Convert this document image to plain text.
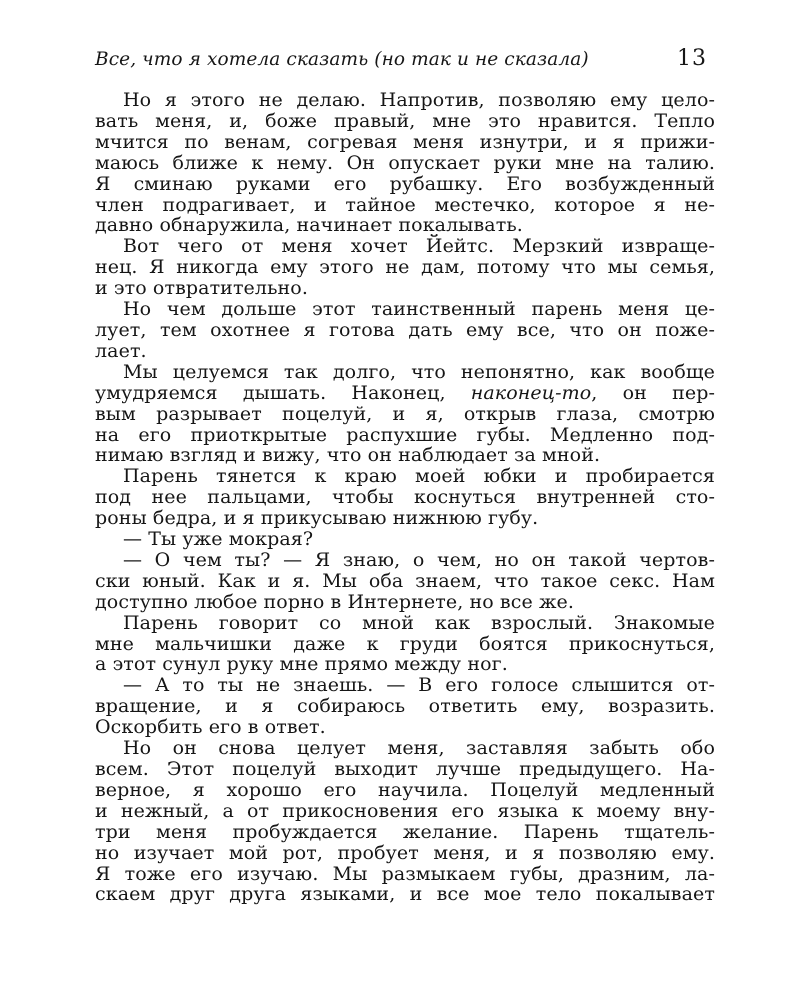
Все, что я хотела сказать (но так и не сказала)	13
Но я этого не делаю. Напротив, позволяю ему цело-
вать меня, и, боже правый, мне это нравится. Тепло
мчится по венам, согревая меня изнутри, и я прижи-
маюсь ближе к нему. Он опускает руки мне на талию.
Я сминаю руками его рубашку. Его возбужденный
член подрагивает, и тайное местечко, которое я не-
давно обнаружила, начинает покалывать.
Вот чего от меня хочет Йейтс. Мерзкий извраще-
нец. Я никогда ему этого не дам, потому что мы семья,
и это отвратительно.
Но чем дольше этот таинственный парень меня це-
лует, тем охотнее я готова дать ему все, что он поже-
лает.
Мы целуемся так долго, что непонятно, как вообще
умудряемся дышать. Наконец, наконец-то, он пер-
вым разрывает поцелуй, и я, открыв глаза, смотрю
на его приоткрытые распухшие губы. Медленно под-
нимаю взгляд и вижу, что он наблюдает за мной.
Парень тянется к краю моей юбки и пробирается
под нее пальцами, чтобы коснуться внутренней сто-
роны бедра, и я прикусываю нижнюю губу.
— Ты уже мокрая?
— О чем ты? — Я знаю, о чем, но он такой чертов-
ски юный. Как и я. Мы оба знаем, что такое секс. Нам
доступно любое порно в Интернете, но все же.
Парень говорит со мной как взрослый. Знакомые
мне мальчишки даже к груди боятся прикоснуться,
а этот сунул руку мне прямо между ног.
— А то ты не знаешь. — В его голосе слышится от-
вращение, и я собираюсь ответить ему, возразить.
Оскорбить его в ответ.
Но он снова целует меня, заставляя забыть обо
всем. Этот поцелуй выходит лучше предыдущего. На-
верное, я хорошо его научила. Поцелуй медленный
и нежный, а от прикосновения его языка к моему вну-
три меня пробуждается желание. Парень тщатель-
но изучает мой рот, пробует меня, и я позволяю ему.
Я тоже его изучаю. Мы размыкаем губы, дразним, ла-
скаем друг друга языками, и все мое тело покалывает
